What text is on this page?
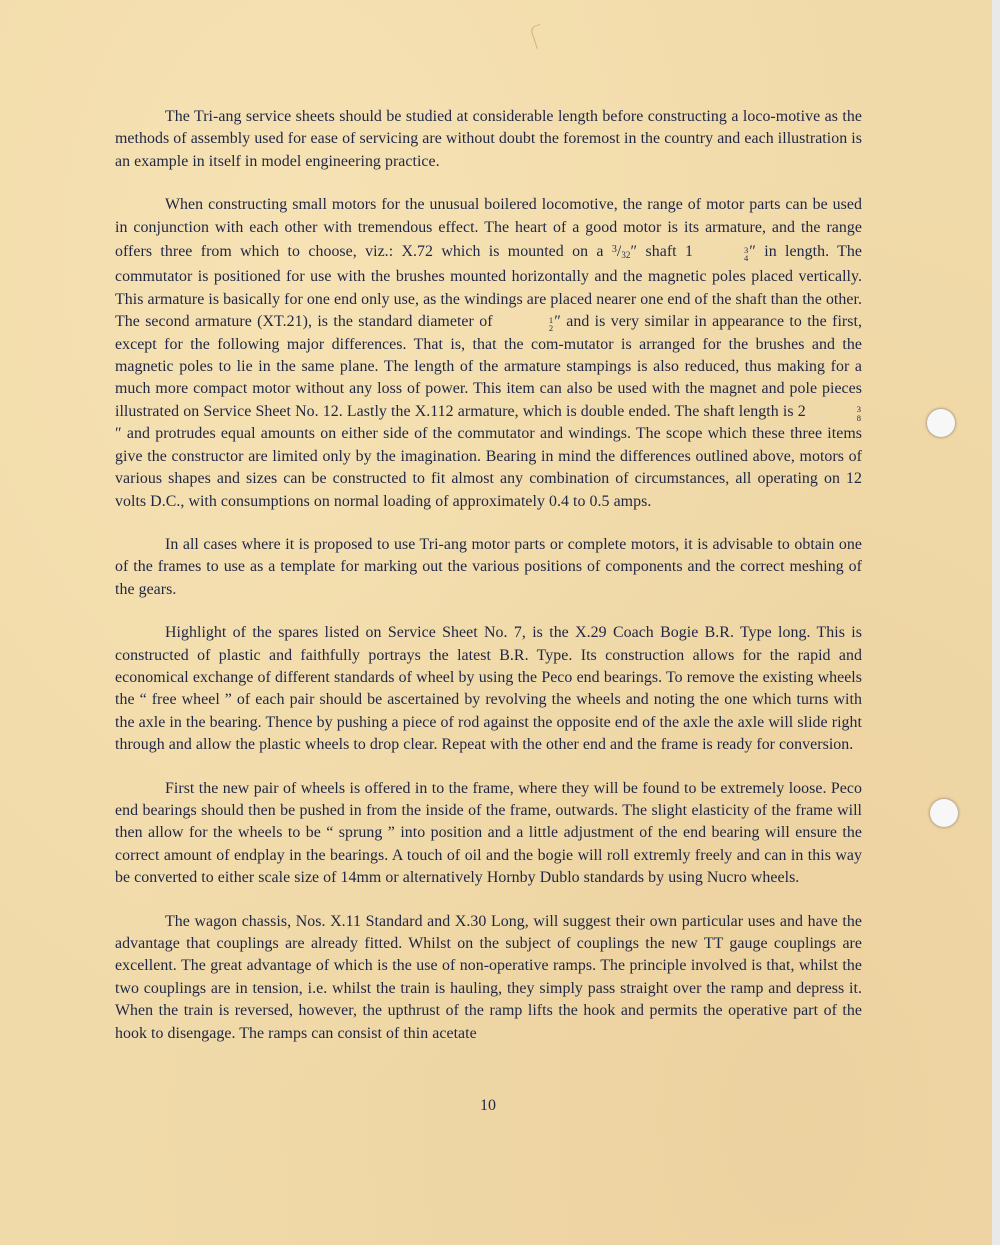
The Tri-ang service sheets should be studied at considerable length before constructing a loco-motive as the methods of assembly used for ease of servicing are without doubt the foremost in the country and each illustration is an example in itself in model engineering practice.

When constructing small motors for the unusual boilered locomotive, the range of motor parts can be used in conjunction with each other with tremendous effect. The heart of a good motor is its armature, and the range offers three from which to choose, viz.: X.72 which is mounted on a $^3$/32″ shaft 1	3
4 ″ in length. The commutator is positioned for use with the brushes mounted horizontally and the magnetic poles placed vertically. This armature is basically for one end only use, as the windings are placed nearer one end of the shaft than the other. The second armature (XT.21), is the standard diameter of	1
2 ″ and is very similar in appearance to the first, except for the following major differences. That is, that the com-mutator is arranged for the brushes and the magnetic poles to lie in the same plane. The length of the armature stampings is also reduced, thus making for a much more compact motor without any loss of power. This item can also be used with the magnet and pole pieces illustrated on Service Sheet No. 12. Lastly the X.112 armature, which is double ended. The shaft length is 2	3
8
″ and protrudes equal amounts on either side of the commutator and windings. The scope which these three items give the constructor are limited only by the imagination. Bearing in mind the differences outlined above, motors of various shapes and sizes can be constructed to fit almost any combination of circumstances, all operating on 12 volts D.C., with consumptions on normal loading of approximately 0.4 to 0.5 amps.

In all cases where it is proposed to use Tri-ang motor parts or complete motors, it is advisable to obtain one of the frames to use as a template for marking out the various positions of components and the correct meshing of the gears.

Highlight of the spares listed on Service Sheet No. 7, is the X.29 Coach Bogie B.R. Type long. This is constructed of plastic and faithfully portrays the latest B.R. Type. Its construction allows for the rapid and economical exchange of different standards of wheel by using the Peco end bearings. To remove the existing wheels the “ free wheel ” of each pair should be ascertained by revolving the wheels and noting the one which turns with the axle in the bearing. Thence by pushing a piece of rod against the opposite end of the axle the axle will slide right through and allow the plastic wheels to drop clear. Repeat with the other end and the frame is ready for conversion.

First the new pair of wheels is offered in to the frame, where they will be found to be extremely loose. Peco end bearings should then be pushed in from the inside of the frame, outwards. The slight elasticity of the frame will then allow for the wheels to be “ sprung ” into position and a little adjustment of the end bearing will ensure the correct amount of endplay in the bearings. A touch of oil and the bogie will roll extremly freely and can in this way be converted to either scale size of 14mm or alternatively Hornby Dublo standards by using Nucro wheels.

The wagon chassis, Nos. X.11 Standard and X.30 Long, will suggest their own particular uses and have the advantage that couplings are already fitted. Whilst on the subject of couplings the new TT gauge couplings are excellent. The great advantage of which is the use of non-operative ramps. The principle involved is that, whilst the two couplings are in tension, i.e. whilst the train is hauling, they simply pass straight over the ramp and depress it. When the train is reversed, however, the upthrust of the ramp lifts the hook and permits the operative part of the hook to disengage. The ramps can consist of thin acetate

10
